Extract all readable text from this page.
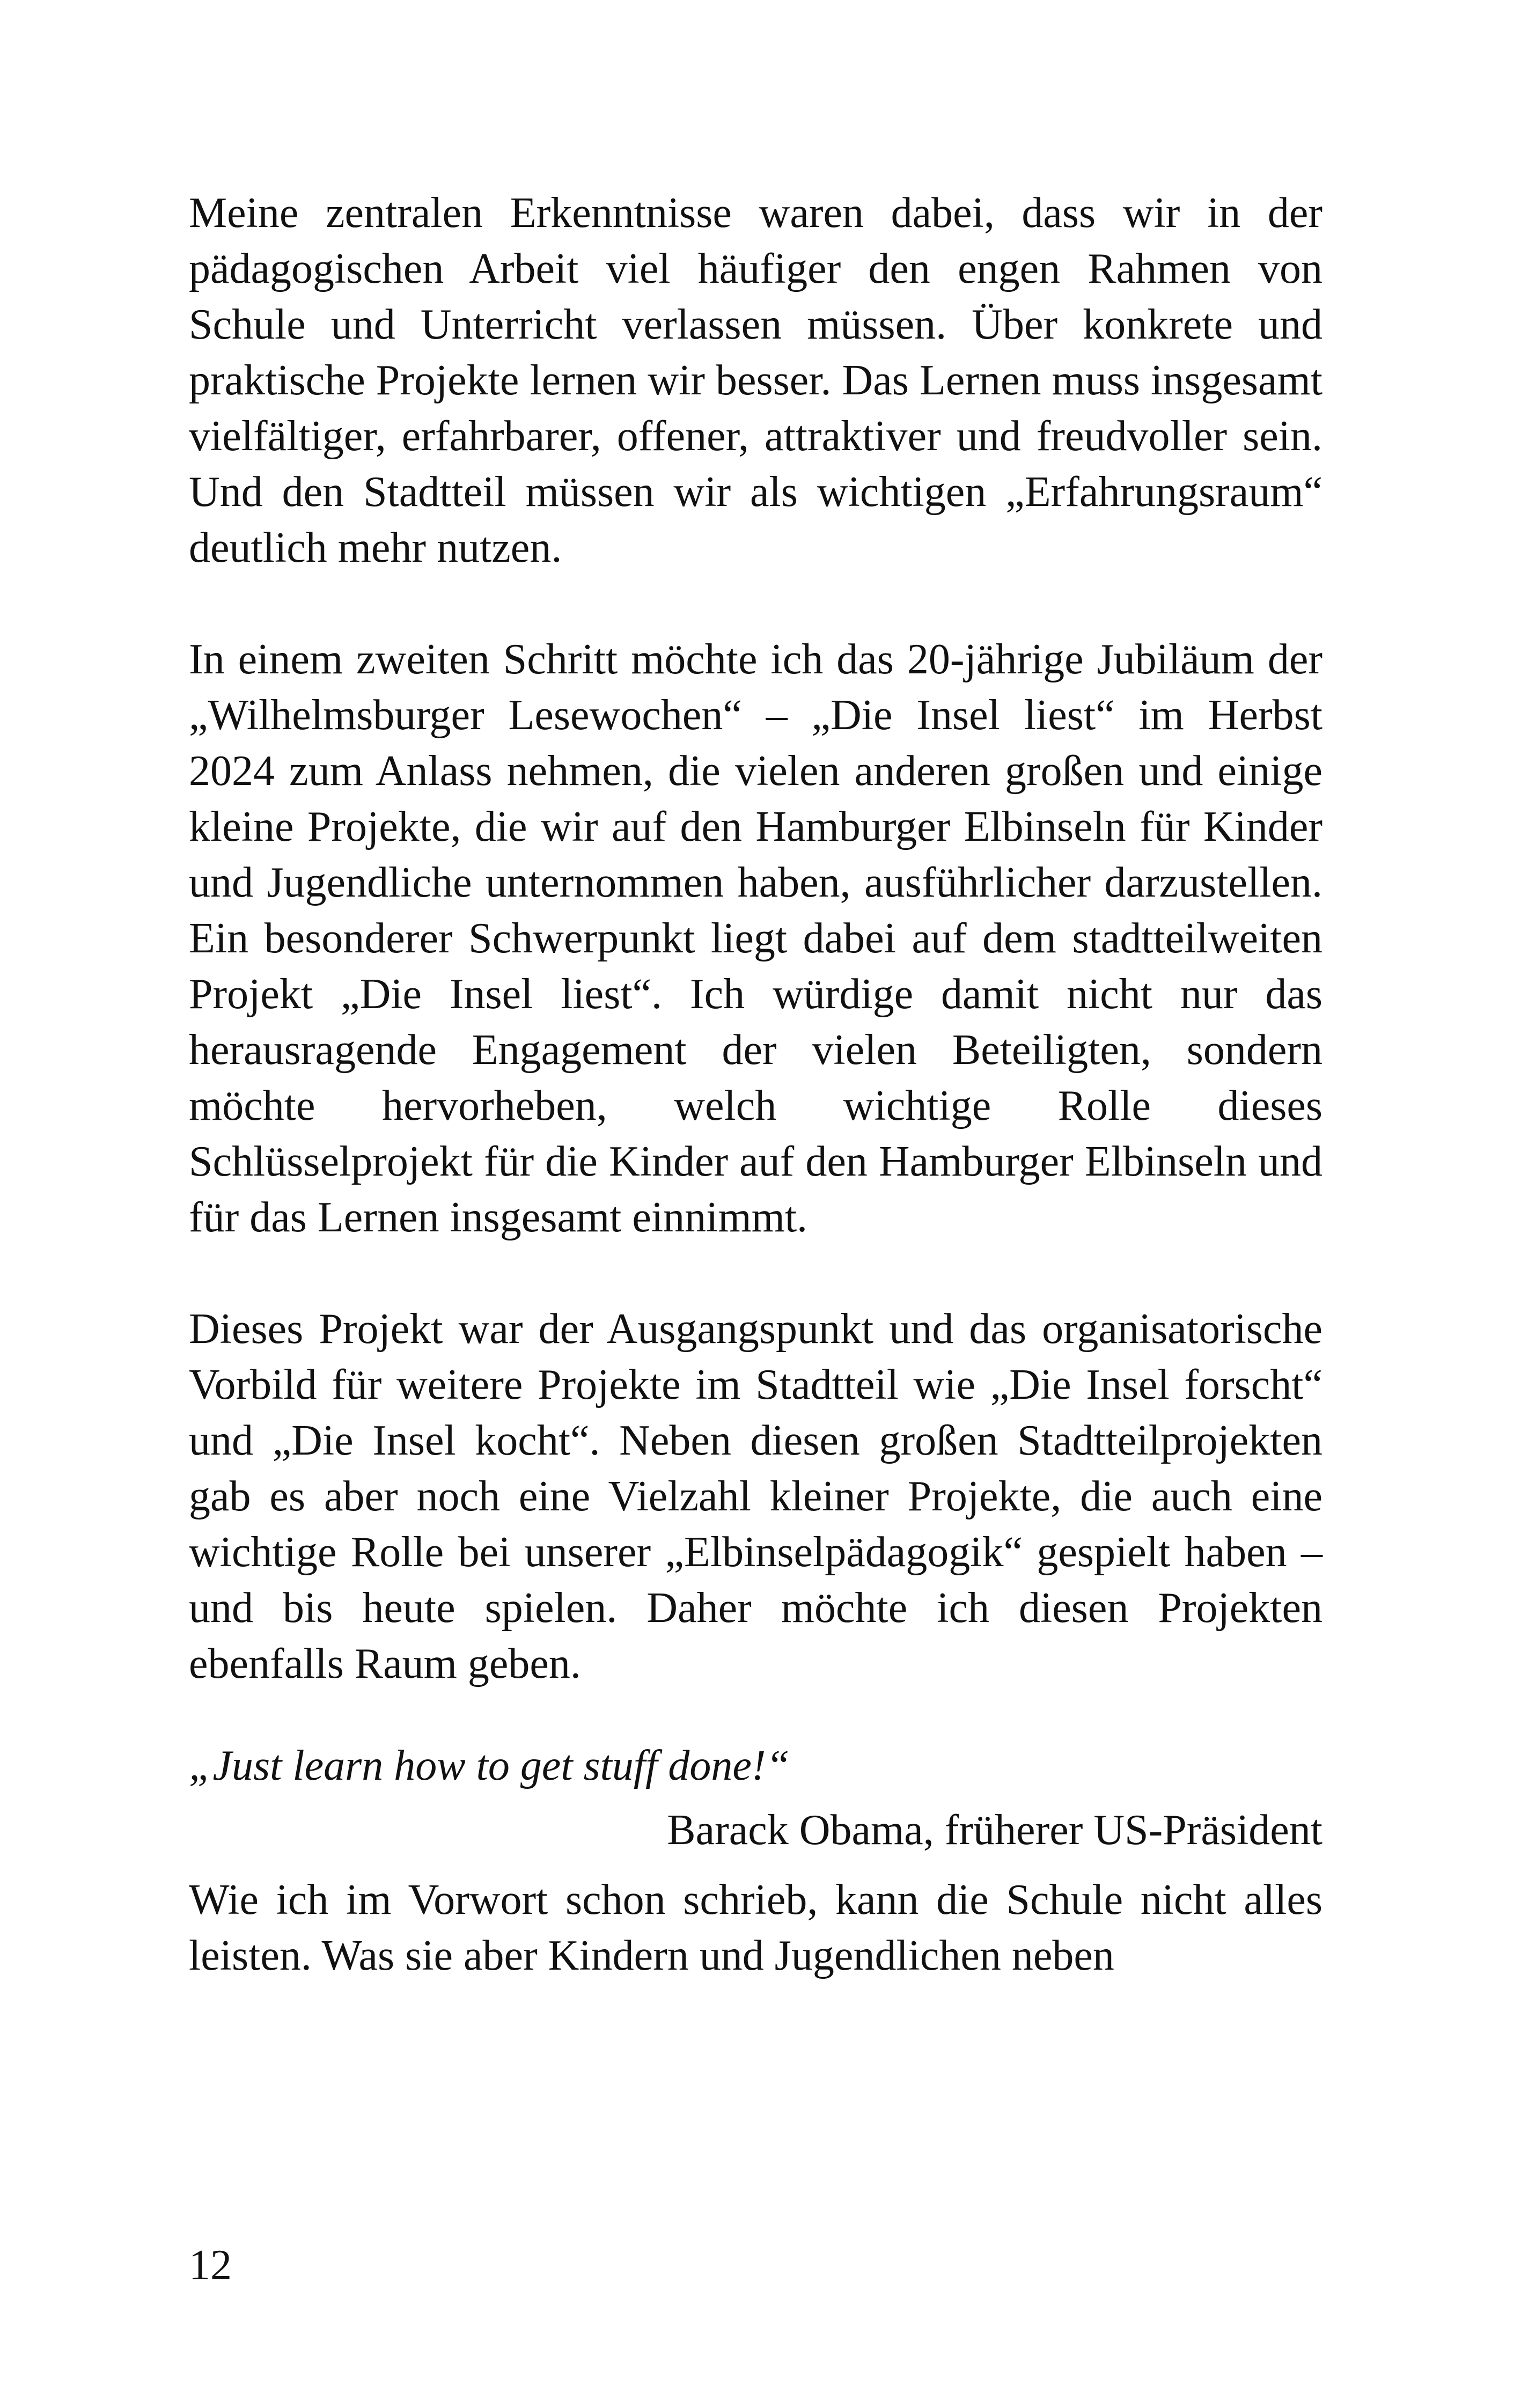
Meine zentralen Erkenntnisse waren dabei, dass wir in der pädagogischen Arbeit viel häufiger den engen Rahmen von Schule und Unterricht verlassen müssen. Über konkrete und praktische Projekte lernen wir besser. Das Lernen muss insgesamt vielfältiger, erfahrbarer, offener, attraktiver und freudvoller sein. Und den Stadtteil müssen wir als wichtigen „Erfahrungsraum“ deutlich mehr nutzen.

In einem zweiten Schritt möchte ich das 20-jährige Jubiläum der „Wilhelmsburger Lesewochen“ – „Die Insel liest“ im Herbst 2024 zum Anlass nehmen, die vielen anderen großen und einige kleine Projekte, die wir auf den Hamburger Elbinseln für Kinder und Jugendliche unternommen haben, ausführlicher darzustellen. Ein besonderer Schwerpunkt liegt dabei auf dem stadtteilweiten Projekt „Die Insel liest“. Ich würdige damit nicht nur das herausragende Engagement der vielen Beteiligten, sondern möchte hervorheben, welch wichtige Rolle dieses Schlüsselprojekt für die Kinder auf den Hamburger Elbinseln und für das Lernen insgesamt einnimmt.

Dieses Projekt war der Ausgangspunkt und das organisatorische Vorbild für weitere Projekte im Stadtteil wie „Die Insel forscht“ und „Die Insel kocht“. Neben diesen großen Stadtteilprojekten gab es aber noch eine Vielzahl kleiner Projekte, die auch eine wichtige Rolle bei unserer „Elbinselpädagogik“ gespielt haben – und bis heute spielen. Daher möchte ich diesen Projekten ebenfalls Raum geben.

„Just learn how to get stuff done!“

Barack Obama, früherer US-Präsident

Wie ich im Vorwort schon schrieb, kann die Schule nicht alles leisten. Was sie aber Kindern und Jugendlichen neben

12
